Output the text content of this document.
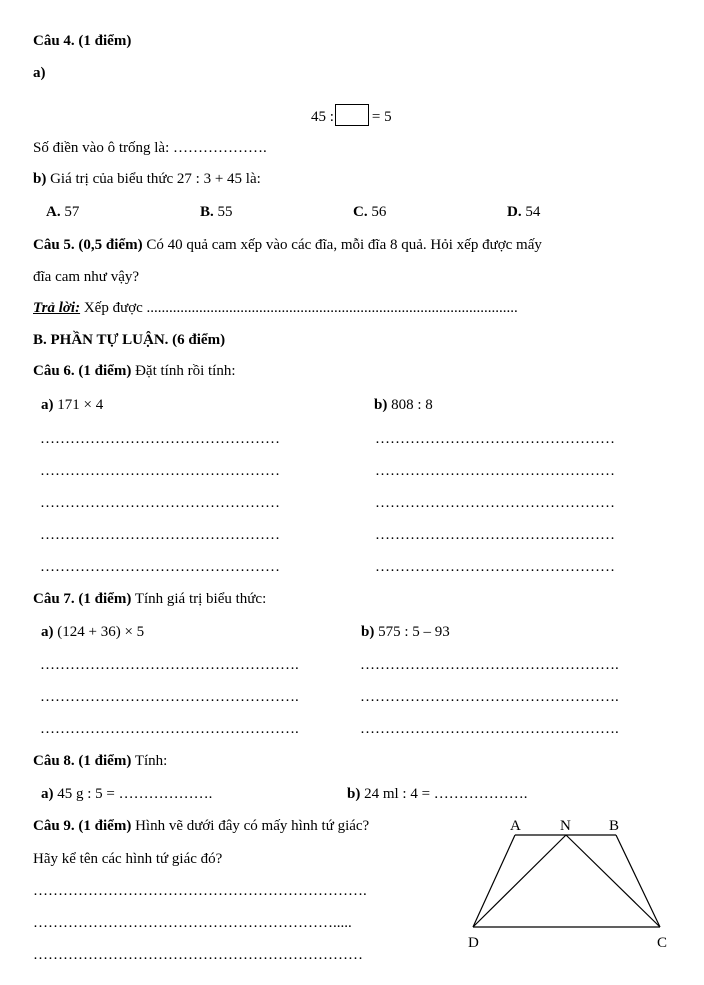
Câu 4. (1 điểm)
a)
45 :	= 5
Số điền vào ô trống là: ……………….
b) Giá trị của biểu thức 27 : 3 + 45 là:
A. 57	B. 55	C. 56	D. 54
Câu 5. (0,5 điểm) Có 40 quả cam xếp vào các đĩa, mỗi đĩa 8 quả. Hỏi xếp được mấy
đĩa cam như vậy?
Trả lời: Xếp được ...................................................................................................
B. PHẦN TỰ LUẬN. (6 điểm)
Câu 6. (1 điểm) Đặt tính rồi tính:
a) 171 × 4	b) 808 : 8
…………………………………………
…………………………………………
…………………………………………
…………………………………………
…………………………………………
…………………………………………
…………………………………………
…………………………………………
…………………………………………
…………………………………………
Câu 7. (1 điểm) Tính giá trị biểu thức:
a) (124 + 36) × 5	b) 575 : 5 – 93
…………………………………………….
…………………………………………….
…………………………………………….
…………………………………………….
…………………………………………….
…………………………………………….
Câu 8. (1 điểm) Tính:
a) 45 g : 5 = ……………….	b) 24 ml : 4 = ……………….
Câu 9. (1 điểm) Hình vẽ dưới đây có mấy hình tứ giác?
Hãy kể tên các hình tứ giác đó?
………………………………………………………….
…………………………………………………….....
…………………………………………………………
A	N	B
D	C
